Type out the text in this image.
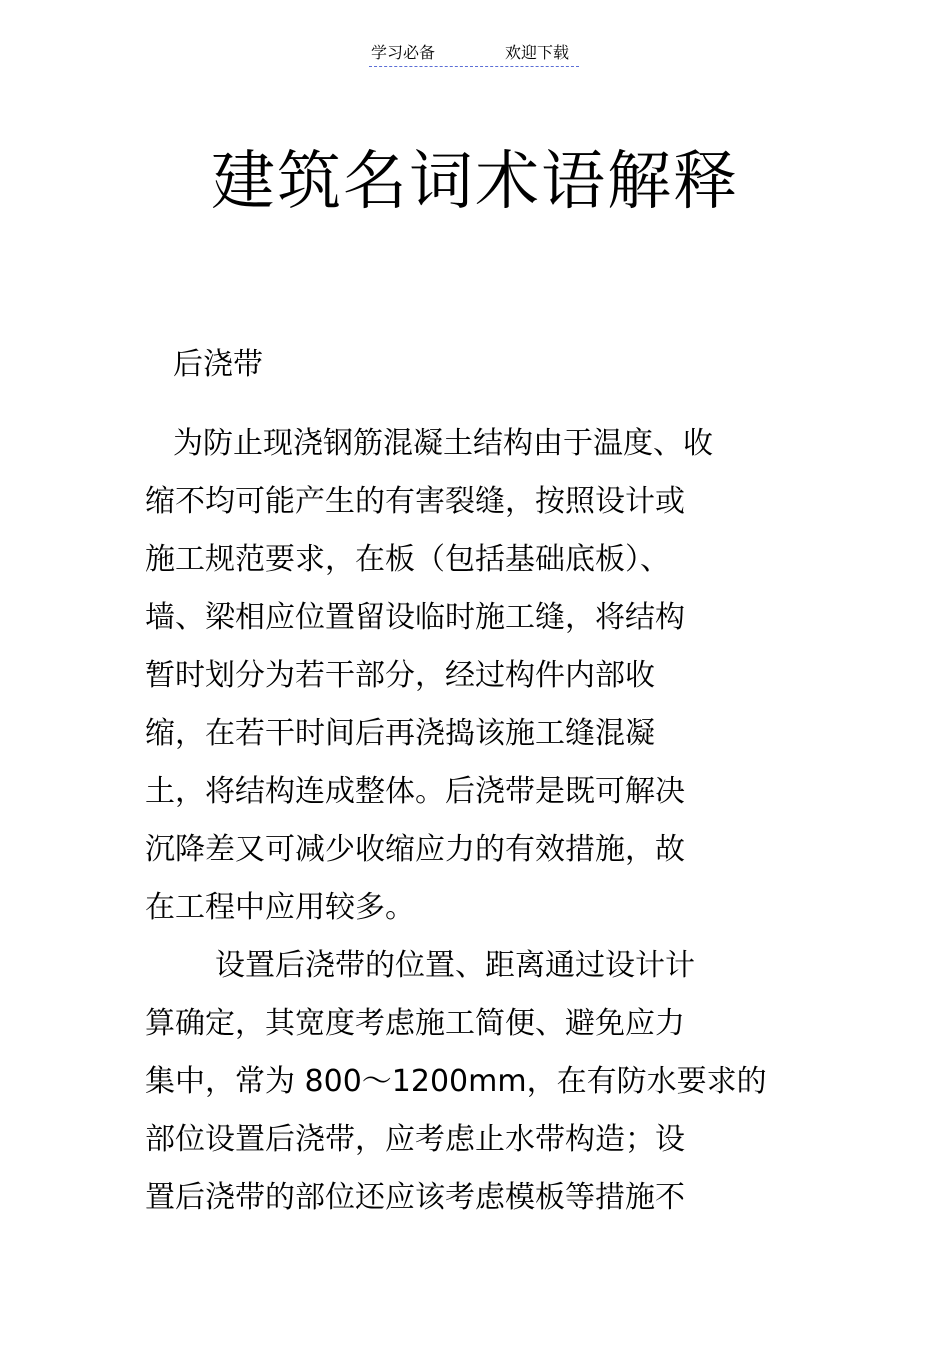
学习必备	欢迎下载
建筑名词术语解释
后浇带
为防止现浇钢筋混凝土结构由于温度、收
缩不均可能产生的有害裂缝，按照设计或
施工规范要求，在板（包括基础底板）、
墙、梁相应位置留设临时施工缝，将结构
暂时划分为若干部分，经过构件内部收
缩，在若干时间后再浇捣该施工缝混凝
土，将结构连成整体。后浇带是既可解决
沉降差又可减少收缩应力的有效措施，故
在工程中应用较多。
设置后浇带的位置、距离通过设计计
算确定，其宽度考虑施工简便、避免应力
集中，常为 800～1200mm，在有防水要求的
部位设置后浇带，应考虑止水带构造；设
置后浇带的部位还应该考虑模板等措施不
